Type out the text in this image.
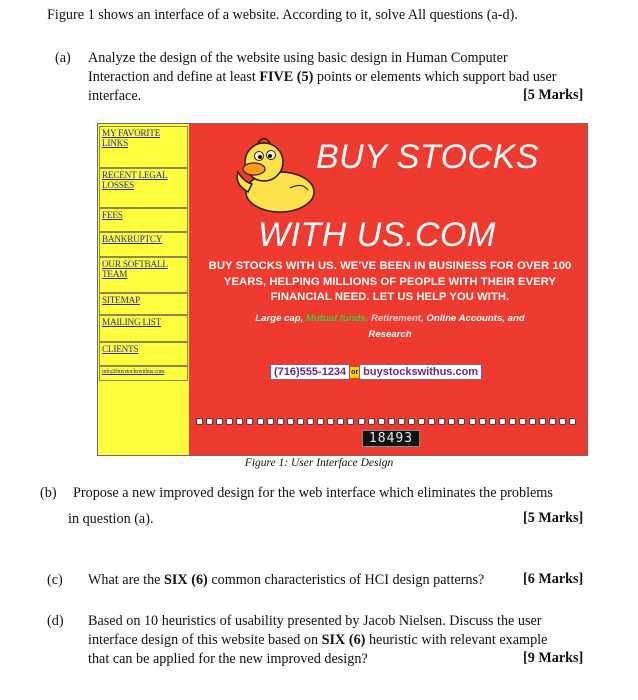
Figure 1 shows an interface of a website. According to it, solve All questions (a-d).
(a) Analyze the design of the website using basic design in Human Computer
Interaction and define at least FIVE (5) points or elements which support bad user
interface.	[5 Marks]
MY FAVORITE LINKS
RECENT LEGAL LOSSES
FEES
BANKRUPTCY
OUR SOFTBALL TEAM
SITEMAP
MAILING LIST
CLIENTS
info@buystockswithus.com
BUY STOCKS
WITH US.COM
BUY STOCKS WITH US. WE'VE BEEN IN BUSINESS FOR OVER 100 YEARS, HELPING MILLIONS OF PEOPLE WITH THEIR EVERY FINANCIAL NEED. LET US HELP YOU WITH.
Large cap, Mutual funds, Retirement, Online Accounts, and
Research
(716)555-1234 or buystockswithus.com
18493
Figure 1: User Interface Design
(b) Propose a new improved design for the web interface which eliminates the problems
in question (a).	[5 Marks]
(c) What are the SIX (6) common characteristics of HCI design patterns?	[6 Marks]
(d) Based on 10 heuristics of usability presented by Jacob Nielsen. Discuss the user
interface design of this website based on SIX (6) heuristic with relevant example
that can be applied for the new improved design?	[9 Marks]
